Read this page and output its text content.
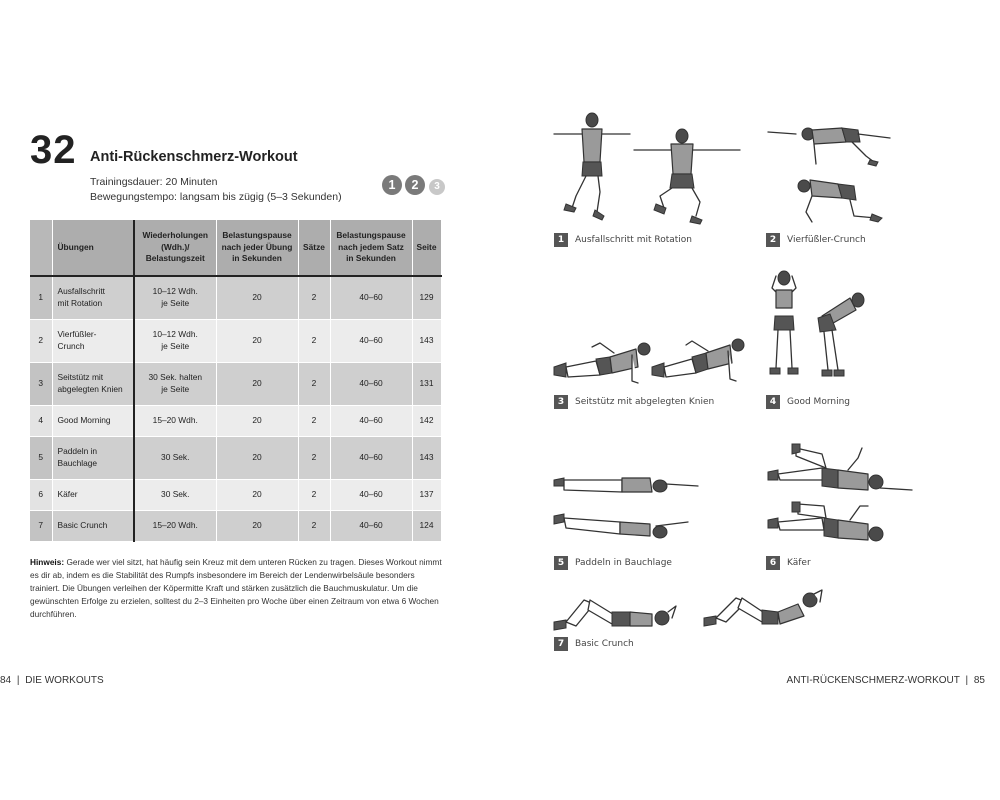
32 Anti-Rückenschmerz-Workout
Trainingsdauer: 20 Minuten
Bewegungstempo: langsam bis zügig (5–3 Sekunden)
1	2	3
	Übungen	Wiederholungen
(Wdh.)/
Belastungszeit	Belastungspause
nach jeder Übung
in Sekunden	Sätze	Belastungspause
nach jedem Satz
in Sekunden	Seite
1	Ausfallschritt
mit Rotation	10–12 Wdh.
je Seite	20	2	40–60	129
2	Vierfüßler-
Crunch	10–12 Wdh.
je Seite	20	2	40–60	143
3	Seitstütz mit
abgelegten Knien	30 Sek. halten
je Seite	20	2	40–60	131
4	Good Morning	15–20 Wdh.	20	2	40–60	142
5	Paddeln in
Bauchlage	30 Sek.	20	2	40–60	143
6	Käfer	30 Sek.	20	2	40–60	137
7	Basic Crunch	15–20 Wdh.	20	2	40–60	124
Hinweis: Gerade wer viel sitzt, hat häufig sein Kreuz mit dem unteren Rücken zu tragen. Dieses Workout nimmt es dir ab, indem es die Stabilität des Rumpfs insbesondere im Bereich der Lendenwirbelsäule besonders trainiert. Die Übungen verleihen der Köpermitte Kraft und stärken zusätzlich die Bauchmuskulatur. Um die gewünschten Erfolge zu erzielen, solltest du 2–3 Einheiten pro Woche über einen Zeitraum von etwa 6 Wochen durchführen.
84 | DIE WORKOUTS	ANTI-RÜCKENSCHMERZ-WORKOUT | 85
1 Ausfallschritt mit Rotation	2 Vierfüßler-Crunch
3 Seitstütz mit abgelegten Knien	4 Good Morning
5 Paddeln in Bauchlage	6 Käfer
7 Basic Crunch
